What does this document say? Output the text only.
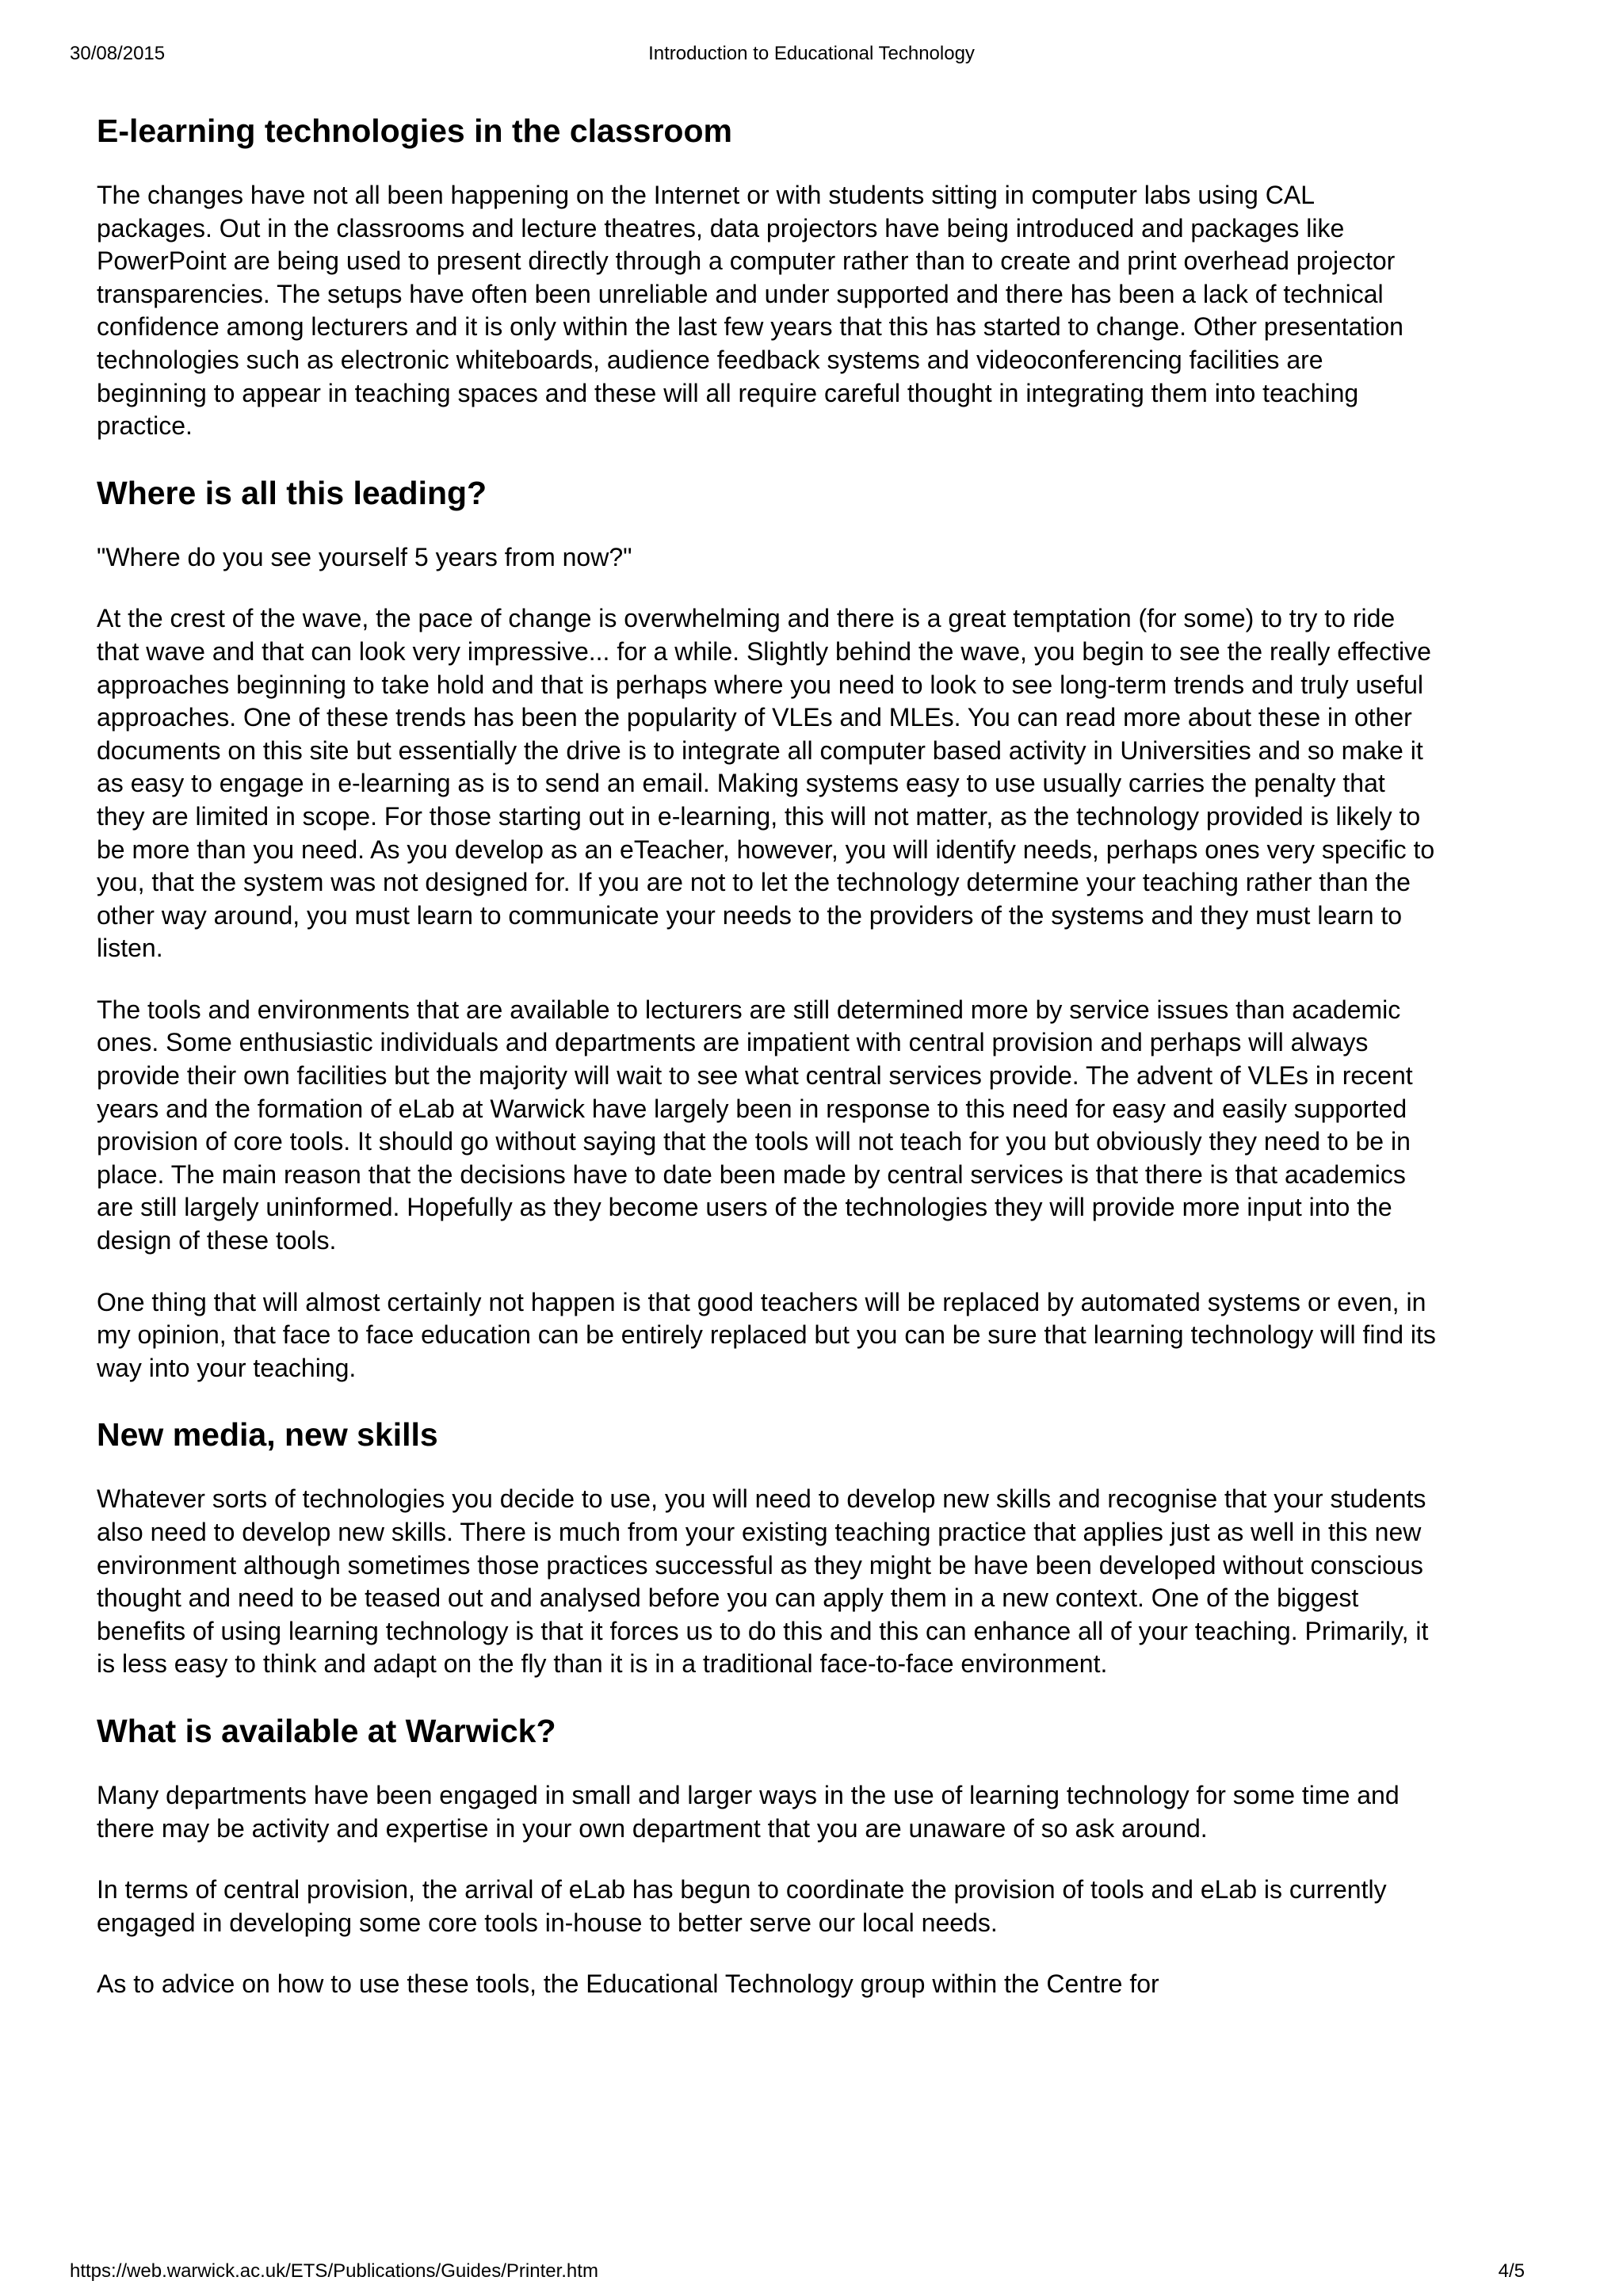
30/08/2015	Introduction to Educational Technology
E-learning technologies in the classroom

The changes have not all been happening on the Internet or with students sitting in computer labs using CAL packages. Out in the classrooms and lecture theatres, data projectors have being introduced and packages like PowerPoint are being used to present directly through a computer rather than to create and print overhead projector transparencies. The setups have often been unreliable and under supported and there has been a lack of technical confidence among lecturers and it is only within the last few years that this has started to change. Other presentation technologies such as electronic whiteboards, audience feedback systems and videoconferencing facilities are beginning to appear in teaching spaces and these will all require careful thought in integrating them into teaching practice.

Where is all this leading?

"Where do you see yourself 5 years from now?"

At the crest of the wave, the pace of change is overwhelming and there is a great temptation (for some) to try to ride that wave and that can look very impressive... for a while. Slightly behind the wave, you begin to see the really effective approaches beginning to take hold and that is perhaps where you need to look to see long-term trends and truly useful approaches. One of these trends has been the popularity of VLEs and MLEs. You can read more about these in other documents on this site but essentially the drive is to integrate all computer based activity in Universities and so make it as easy to engage in e-learning as is to send an email. Making systems easy to use usually carries the penalty that they are limited in scope. For those starting out in e-learning, this will not matter, as the technology provided is likely to be more than you need. As you develop as an eTeacher, however, you will identify needs, perhaps ones very specific to you, that the system was not designed for. If you are not to let the technology determine your teaching rather than the other way around, you must learn to communicate your needs to the providers of the systems and they must learn to listen.

The tools and environments that are available to lecturers are still determined more by service issues than academic ones. Some enthusiastic individuals and departments are impatient with central provision and perhaps will always provide their own facilities but the majority will wait to see what central services provide. The advent of VLEs in recent years and the formation of eLab at Warwick have largely been in response to this need for easy and easily supported provision of core tools. It should go without saying that the tools will not teach for you but obviously they need to be in place. The main reason that the decisions have to date been made by central services is that there is that academics are still largely uninformed. Hopefully as they become users of the technologies they will provide more input into the design of these tools.

One thing that will almost certainly not happen is that good teachers will be replaced by automated systems or even, in my opinion, that face to face education can be entirely replaced but you can be sure that learning technology will find its way into your teaching.

New media, new skills

Whatever sorts of technologies you decide to use, you will need to develop new skills and recognise that your students also need to develop new skills. There is much from your existing teaching practice that applies just as well in this new environment although sometimes those practices successful as they might be have been developed without conscious thought and need to be teased out and analysed before you can apply them in a new context. One of the biggest benefits of using learning technology is that it forces us to do this and this can enhance all of your teaching. Primarily, it is less easy to think and adapt on the fly than it is in a traditional face-to-face environment.

What is available at Warwick?

Many departments have been engaged in small and larger ways in the use of learning technology for some time and there may be activity and expertise in your own department that you are unaware of so ask around.

In terms of central provision, the arrival of eLab has begun to coordinate the provision of tools and eLab is currently engaged in developing some core tools in-house to better serve our local needs.

As to advice on how to use these tools, the Educational Technology group within the Centre for

https://web.warwick.ac.uk/ETS/Publications/Guides/Printer.htm	4/5
